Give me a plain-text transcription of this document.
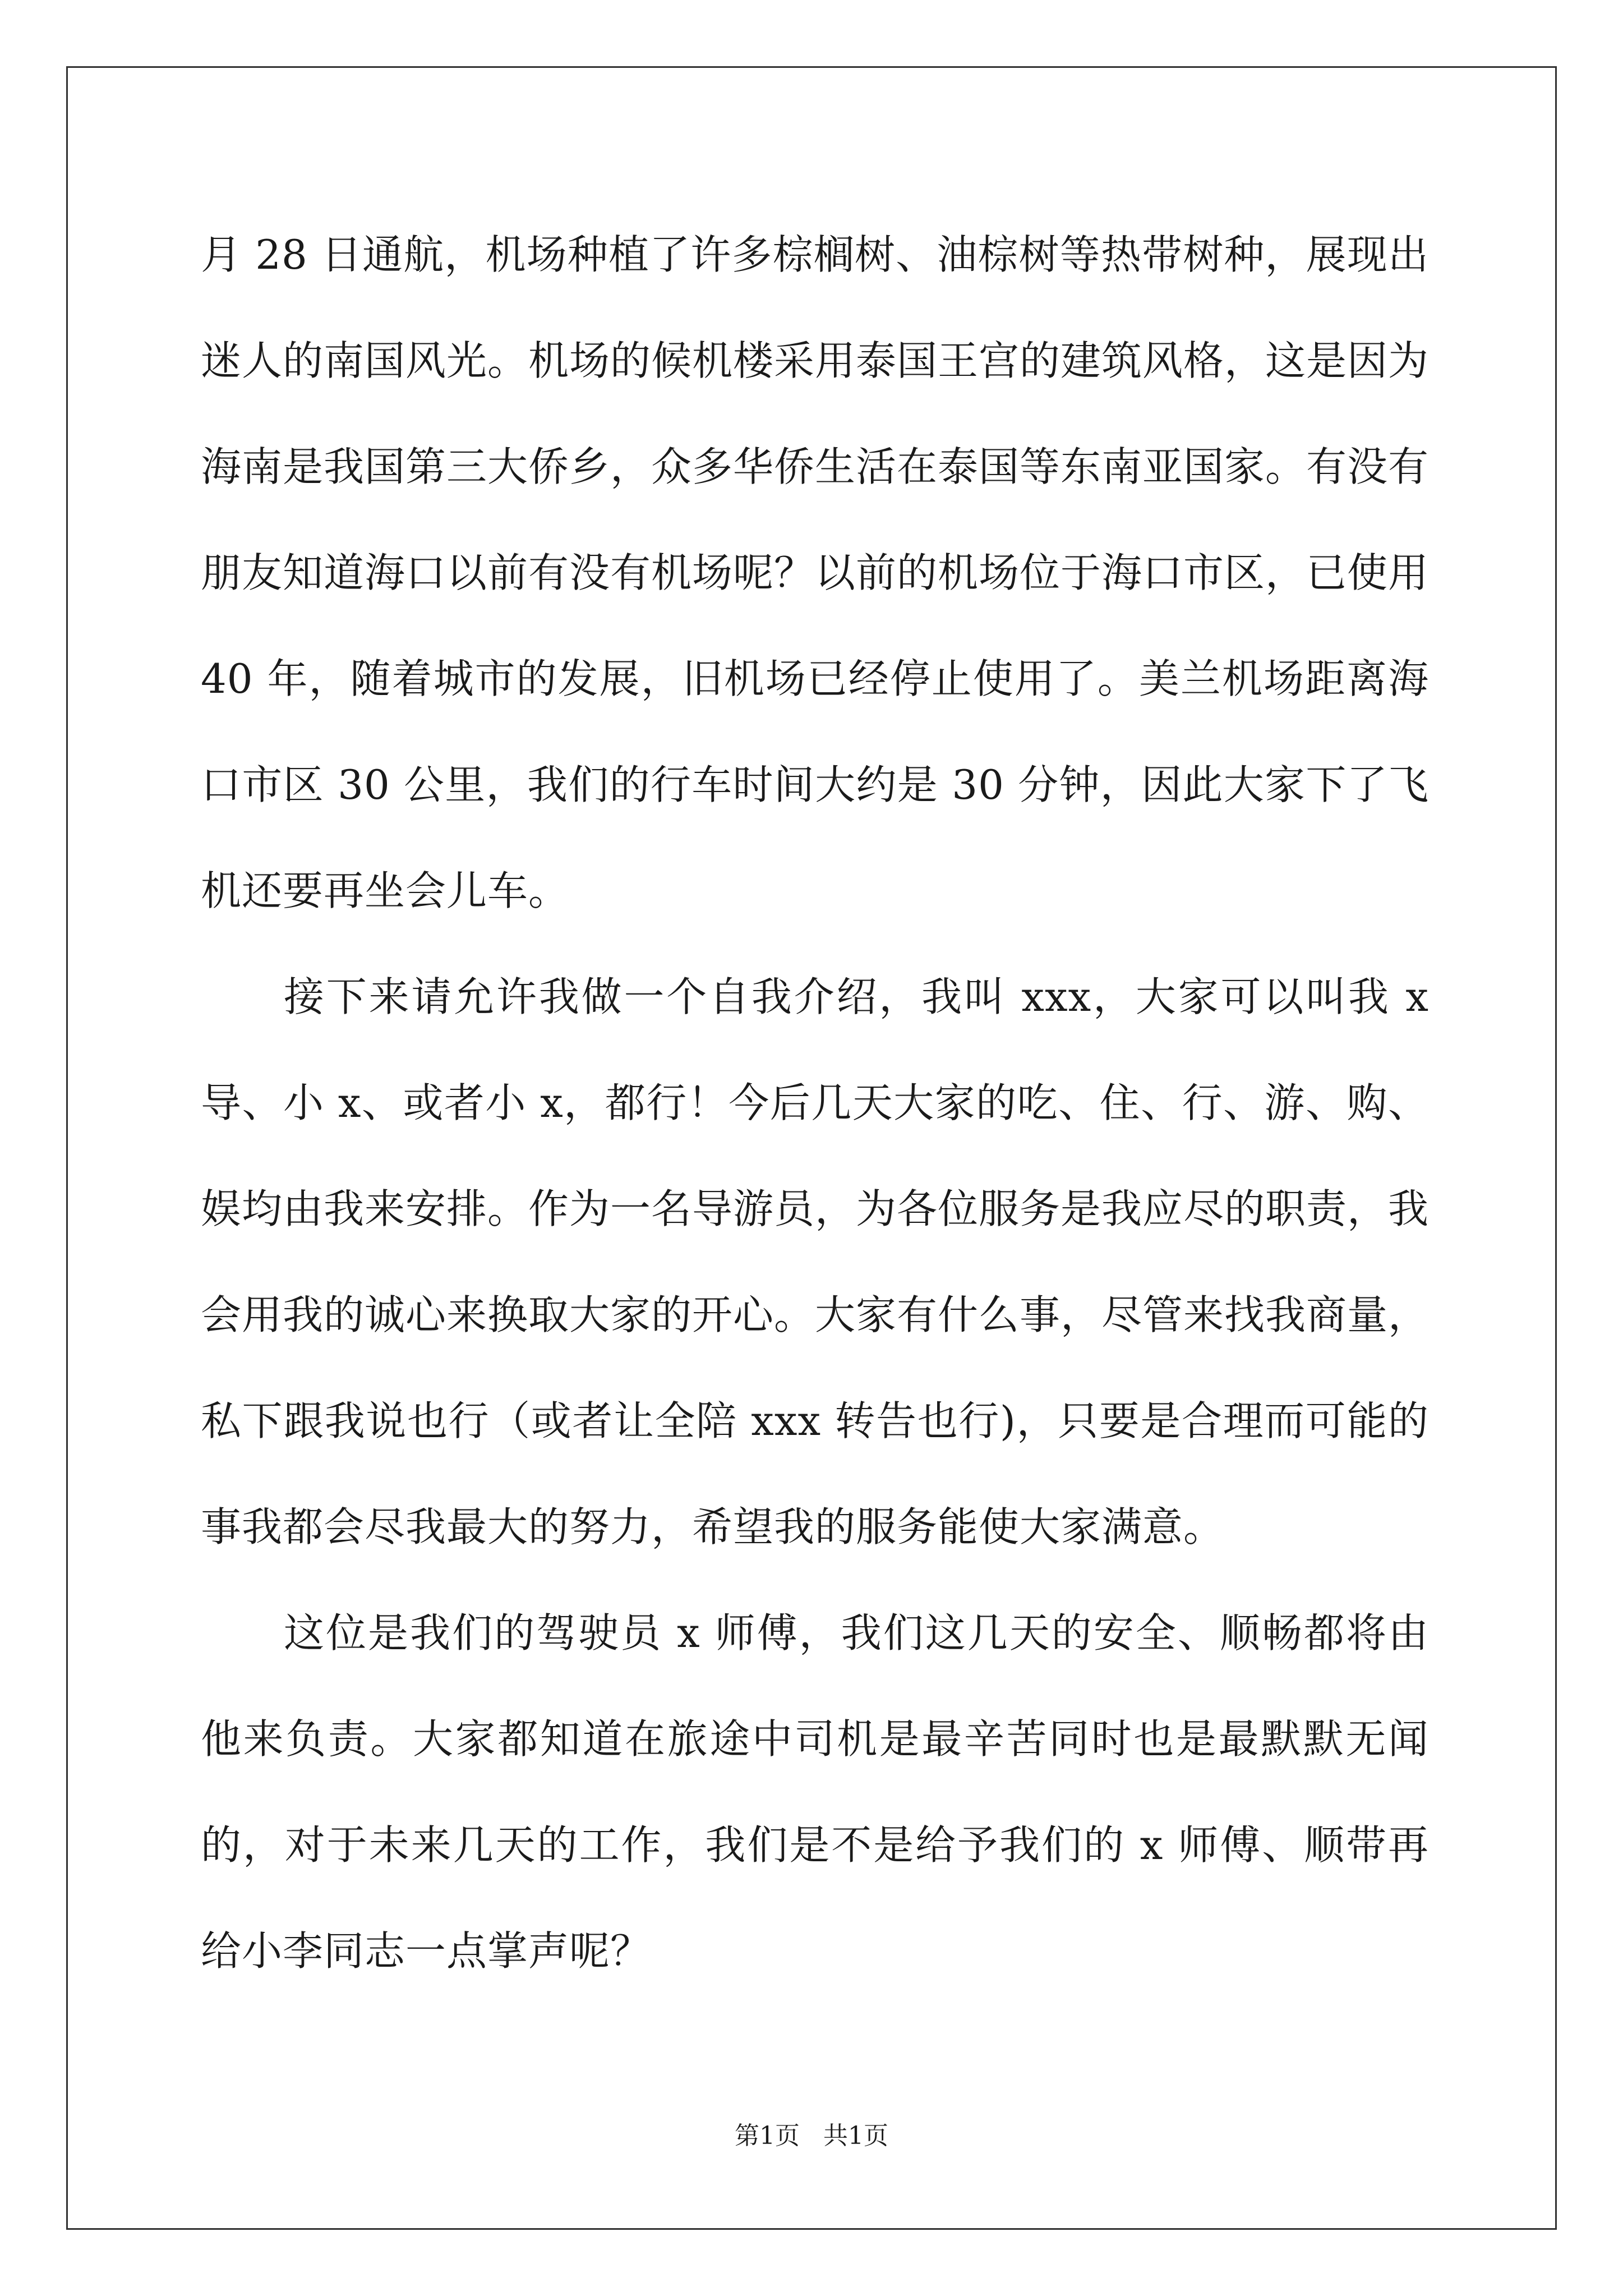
月 28 日通航，机场种植了许多棕榈树、油棕树等热带树种，展现出迷人的南国风光。机场的候机楼采用泰国王宫的建筑风格，这是因为海南是我国第三大侨乡，众多华侨生活在泰国等东南亚国家。有没有朋友知道海口以前有没有机场呢？以前的机场位于海口市区，已使用 40 年，随着城市的发展，旧机场已经停止使用了。美兰机场距离海口市区 30 公里，我们的行车时间大约是 30 分钟，因此大家下了飞机还要再坐会儿车。

接下来请允许我做一个自我介绍，我叫 xxx，大家可以叫我 x 导、小 x、或者小 x，都行！今后几天大家的吃、住、行、游、购、娱均由我来安排。作为一名导游员，为各位服务是我应尽的职责，我会用我的诚心来换取大家的开心。大家有什么事，尽管来找我商量，私下跟我说也行（或者让全陪 xxx 转告也行)，只要是合理而可能的事我都会尽我最大的努力，希望我的服务能使大家满意。

这位是我们的驾驶员 x 师傅，我们这几天的安全、顺畅都将由他来负责。大家都知道在旅途中司机是最辛苦同时也是最默默无闻的，对于未来几天的工作，我们是不是给予我们的 x 师傅、顺带再给小李同志一点掌声呢？

第1页   共1页
